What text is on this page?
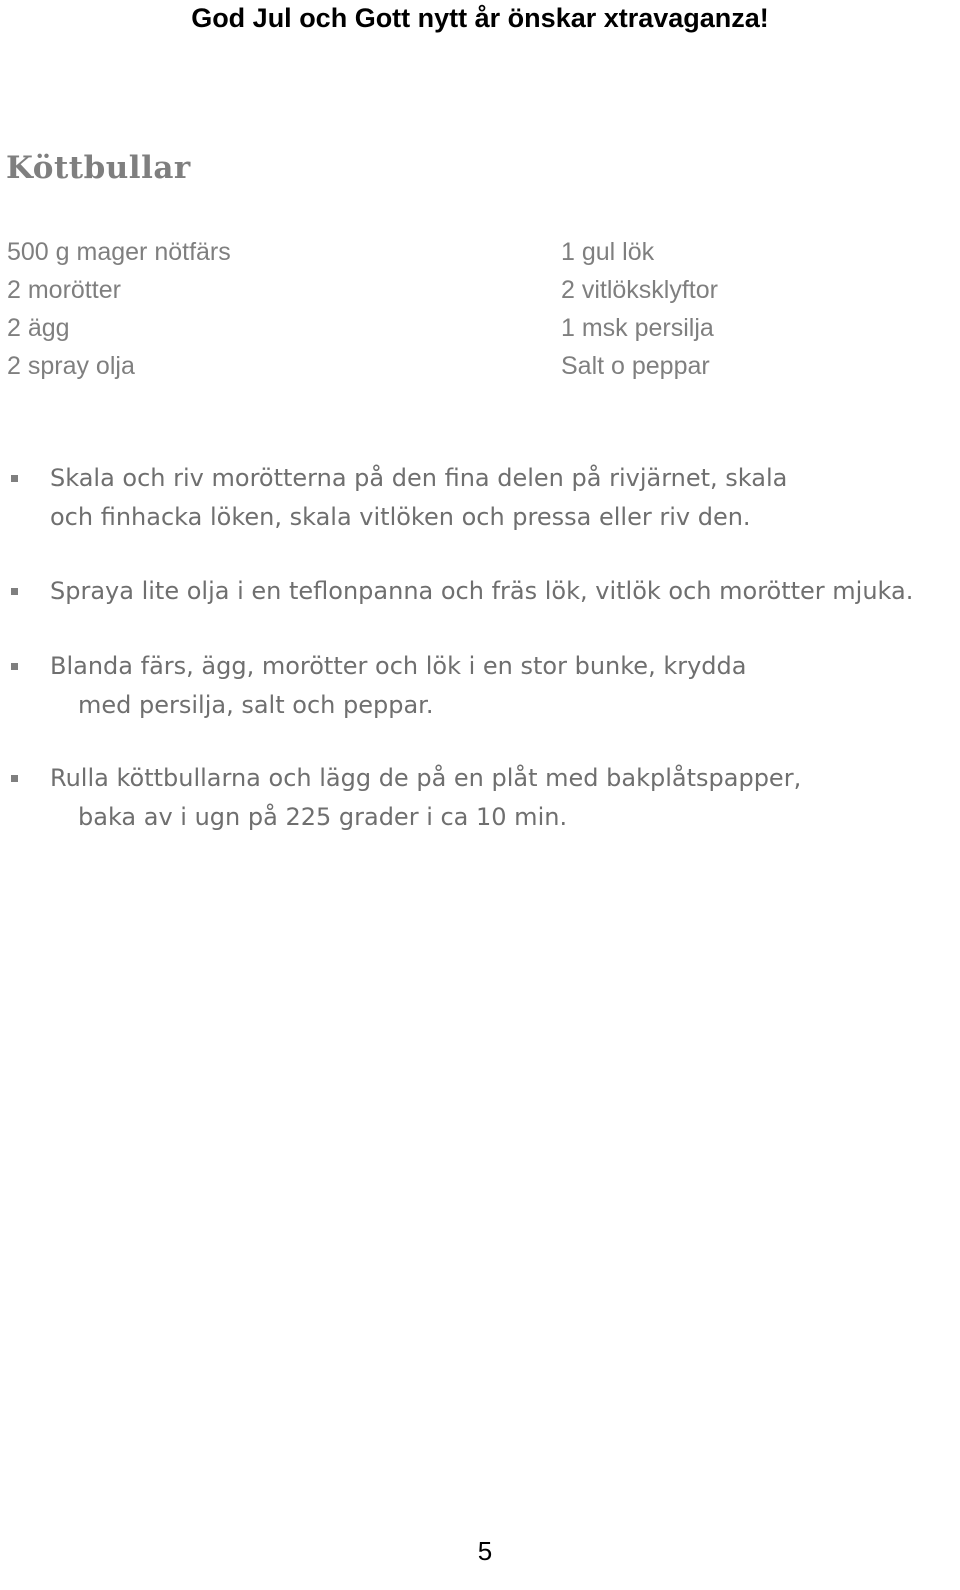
God Jul och Gott nytt år önskar xtravaganza!
Köttbullar
500 g mager nötfärs
2 morötter
2 ägg
2 spray olja
1 gul lök
2 vitlöksklyftor
1 msk persilja
Salt o peppar
Skala och riv morötterna på den fina delen på rivjärnet, skala
och finhacka löken, skala vitlöken och pressa eller riv den.
Spraya lite olja i en teflonpanna och fräs lök, vitlök och morötter mjuka.
Blanda färs, ägg, morötter och lök i en stor bunke, krydda
med persilja, salt och peppar.
Rulla köttbullarna och lägg de på en plåt med bakplåtspapper,
baka av i ugn på 225 grader i ca 10 min.
5
